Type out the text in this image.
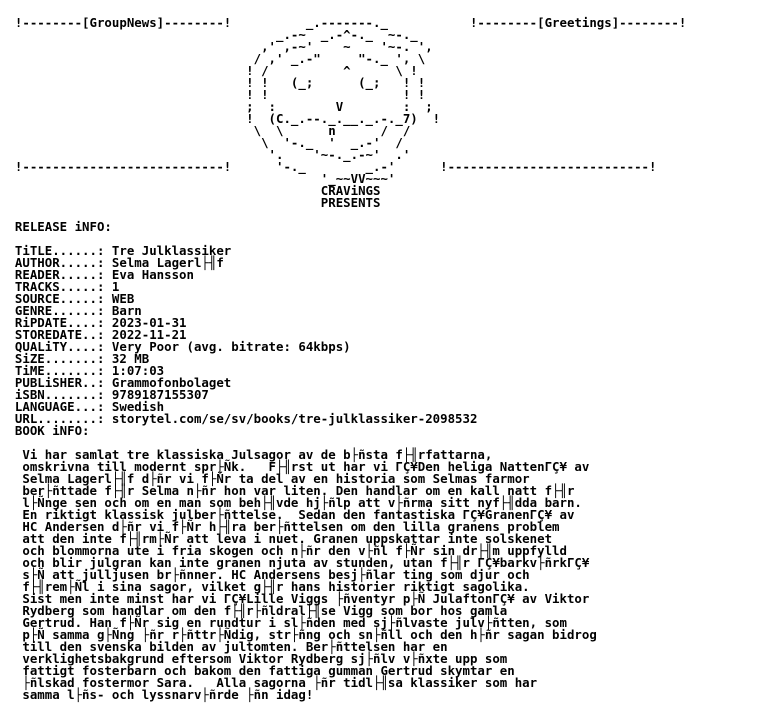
!--------[GroupNews]--------!          _.-------._           !--------[Greetings]--------!
_.-~  _.-^-._  ~-._
,' ,-~'    ~    '~-. ',
/ ,' _.-"     "-._ ', \
! /          ^      \ !
! !   (_;      (_;   ! !
! !                  ! !
;  :        V        :  ;
!  (C._.--._.__._.-._7)  !
\  \      n      /  /
\  '-._  '  _.-'  /
'.    '~-._.-~'  .'
!---------------------------!      '-._        _.-'      !---------------------------!
'_~~VV~~~'
CRAViNGS
PRESENTS

RELEASE iNFO:

TiTLE......: Tre Julklassiker
AUTHOR.....: Selma Lagerl├╢f
READER.....: Eva Hansson
TRACKS.....: 1
SOURCE.....: WEB
GENRE......: Barn
RiPDATE....: 2023-01-31
STOREDATE..: 2022-11-21
QUALiTY....: Very Poor (avg. bitrate: 64kbps)
SiZE.......: 32 MB
TiME.......: 1:07:03
PUBLiSHER..: Grammofonbolaget
iSBN.......: 9789187155307
LANGUAGE...: Swedish
URL........: storytel.com/se/sv/books/tre-julklassiker-2098532
BOOK iNFO:

Vi har samlat tre klassiska Julsagor av de b├ñsta f├╢rfattarna,
omskrivna till modernt spr├Ñk.   F├╢rst ut har vi ΓÇ¥Den heliga NattenΓÇ¥ av
Selma Lagerl├╢f d├ñr vi f├Ñr ta del av en historia som Selmas farmor
ber├ñttade f├╢r Selma n├ñr hon var liten. Den handlar om en kall natt f├╢r
l├Ñnge sen och om en man som beh├╢vde hj├ñlp att v├ñrma sitt nyf├╢dda barn.
En riktigt klassisk julber├ñttelse.  Sedan den fantastiska ΓÇ¥GranenΓÇ¥ av
HC Andersen d├ñr vi f├Ñr h├╢ra ber├ñttelsen om den lilla granens problem
att den inte f├╢rm├Ñr att leva i nuet. Granen uppskattar inte solskenet
och blommorna ute i fria skogen och n├ñr den v├ñl f├Ñr sin dr├╢m uppfylld
och blir julgran kan inte granen njuta av stunden, utan f├╢r ΓÇ¥barkv├ñrkΓÇ¥
s├Ñ att julljusen br├ñnner. HC Andersens besj├ñlar ting som djur och
f├╢rem├Ñl i sina sagor, vilket g├╢r hans historier riktigt sagolika.
Sist men inte minst har vi ΓÇ¥Lille Viggs ├ñventyr p├Ñ JulaftonΓÇ¥ av Viktor
Rydberg som handlar om den f├╢r├ñldral├╢se Vigg som bor hos gamla
Gertrud. Han f├Ñr sig en rundtur i sl├ñden med sj├ñlvaste julv├ñtten, som
p├Ñ samma g├Ñng ├ñr r├ñttr├Ñdig, str├ñng och sn├ñll och den h├ñr sagan bidrog
till den svenska bilden av jultomten. Ber├ñttelsen har en
verklighetsbakgrund eftersom Viktor Rydberg sj├ñlv v├ñxte upp som
fattigt fosterbarn och bakom den fattiga gumman Gertrud skymtar en
├ñlskad fostermor Sara.   Alla sagorna ├ñr tidl├╢sa klassiker som har
samma l├ñs- och lyssnarv├ñrde ├ñn idag!
